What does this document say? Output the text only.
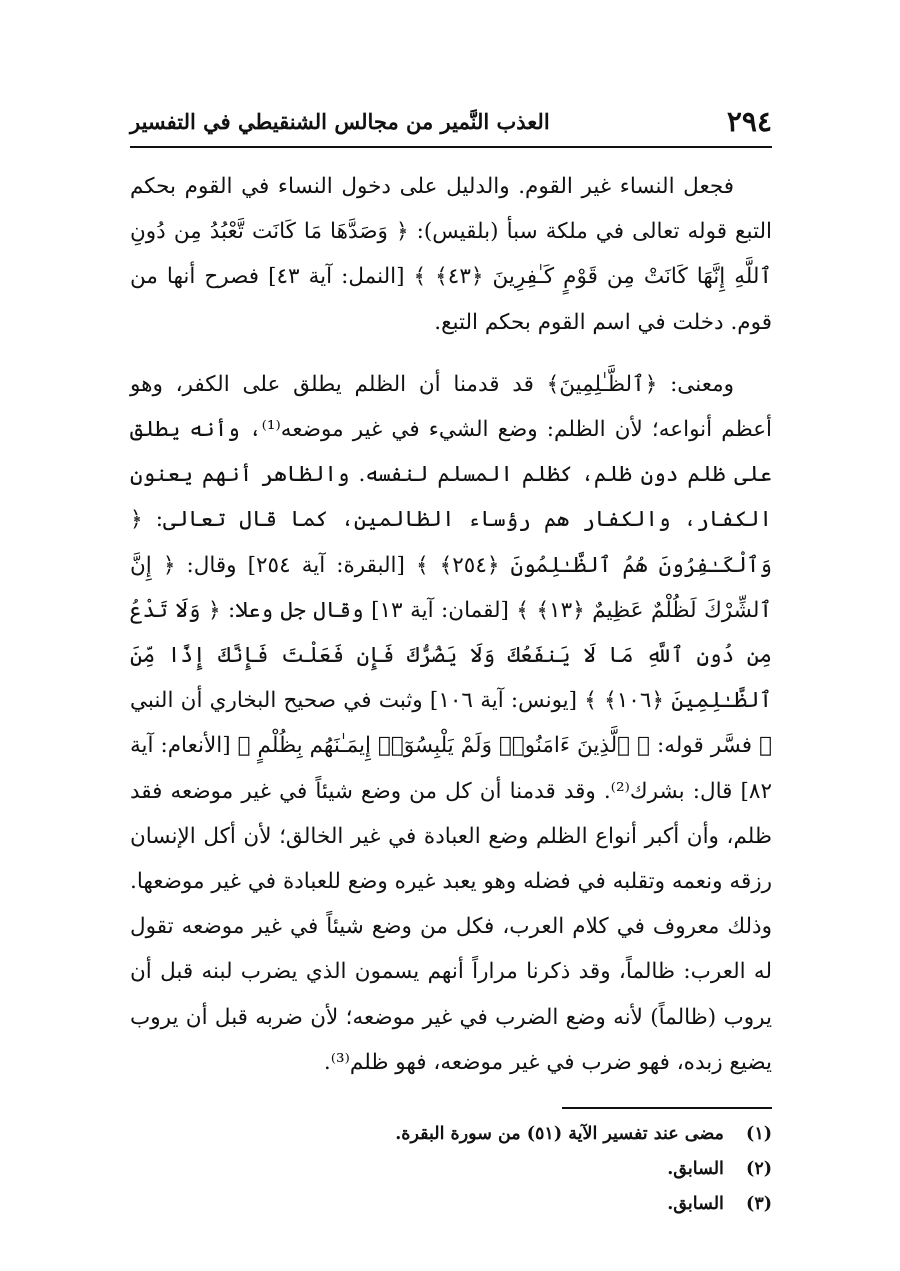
٢٩٤
العذب النَّمير من مجالس الشنقيطي في التفسير

فجعل النساء غير القوم. والدليل على دخول النساء في القوم بحكم التبع قوله تعالى في ملكة سبأ (بلقيس): ﴿ وَصَدَّهَا مَا كَانَت تَّعْبُدُ مِن دُونِ ٱللَّهِ إِنَّهَا كَانَتْ مِن قَوْمٍ كَـٰفِرِينَ ﴿٤٣﴾ ﴾ [النمل: آية ٤٣] فصرح أنها من قوم. دخلت في اسم القوم بحكم التبع.

ومعنى: ﴿ٱلظَّـٰلِمِينَ﴾ قد قدمنا أن الظلم يطلق على الكفر، وهو أعظم أنواعه؛ لأن الظلم: وضع الشيء في غير موضعه⁽¹⁾، وأنه يطلق على ظلم دون ظلم، كظلم المسلم لنفسه. والظاهر أنهم يعنون الكفار، والكفار هم رؤساء الظالمين، كما قال تعالى: ﴿ وَٱلْكَـٰفِرُونَ هُمُ ٱلظَّـٰلِمُونَ ﴿٢٥٤﴾ ﴾ [البقرة: آية ٢٥٤] وقال: ﴿ إِنَّ ٱلشِّرْكَ لَظُلْمٌ عَظِيمٌ ﴿١٣﴾ ﴾ [لقمان: آية ١٣] وقال جل وعلا: ﴿ وَلَا تَدْعُ مِن دُونِ ٱللَّهِ مَا لَا يَنفَعُكَ وَلَا يَضُرُّكَ فَإِن فَعَلْتَ فَإِنَّكَ إِذًا مِّنَ ٱلظَّـٰلِمِينَ ﴿١٠٦﴾ ﴾ [يونس: آية ١٠٦] وثبت في صحيح البخاري أن النبي ﷺ فسَّر قوله: ﴿ ٱلَّذِينَ ءَامَنُوا۟ وَلَمْ يَلْبِسُوٓا۟ إِيمَـٰنَهُم بِظُلْمٍ ﴾ [الأنعام: آية ٨٢] قال: بشرك⁽²⁾. وقد قدمنا أن كل من وضع شيئاً في غير موضعه فقد ظلم، وأن أكبر أنواع الظلم وضع العبادة في غير الخالق؛ لأن أكل الإنسان رزقه ونعمه وتقلبه في فضله وهو يعبد غيره وضع للعبادة في غير موضعها. وذلك معروف في كلام العرب، فكل من وضع شيئاً في غير موضعه تقول له العرب: ظالماً، وقد ذكرنا مراراً أنهم يسمون الذي يضرب لبنه قبل أن يروب (ظالماً) لأنه وضع الضرب في غير موضعه؛ لأن ضربه قبل أن يروب يضيع زبده، فهو ضرب في غير موضعه، فهو ظلم⁽³⁾.

(١) مضى عند تفسير الآية (٥١) من سورة البقرة.

(٢) السابق.

(٣) السابق.
